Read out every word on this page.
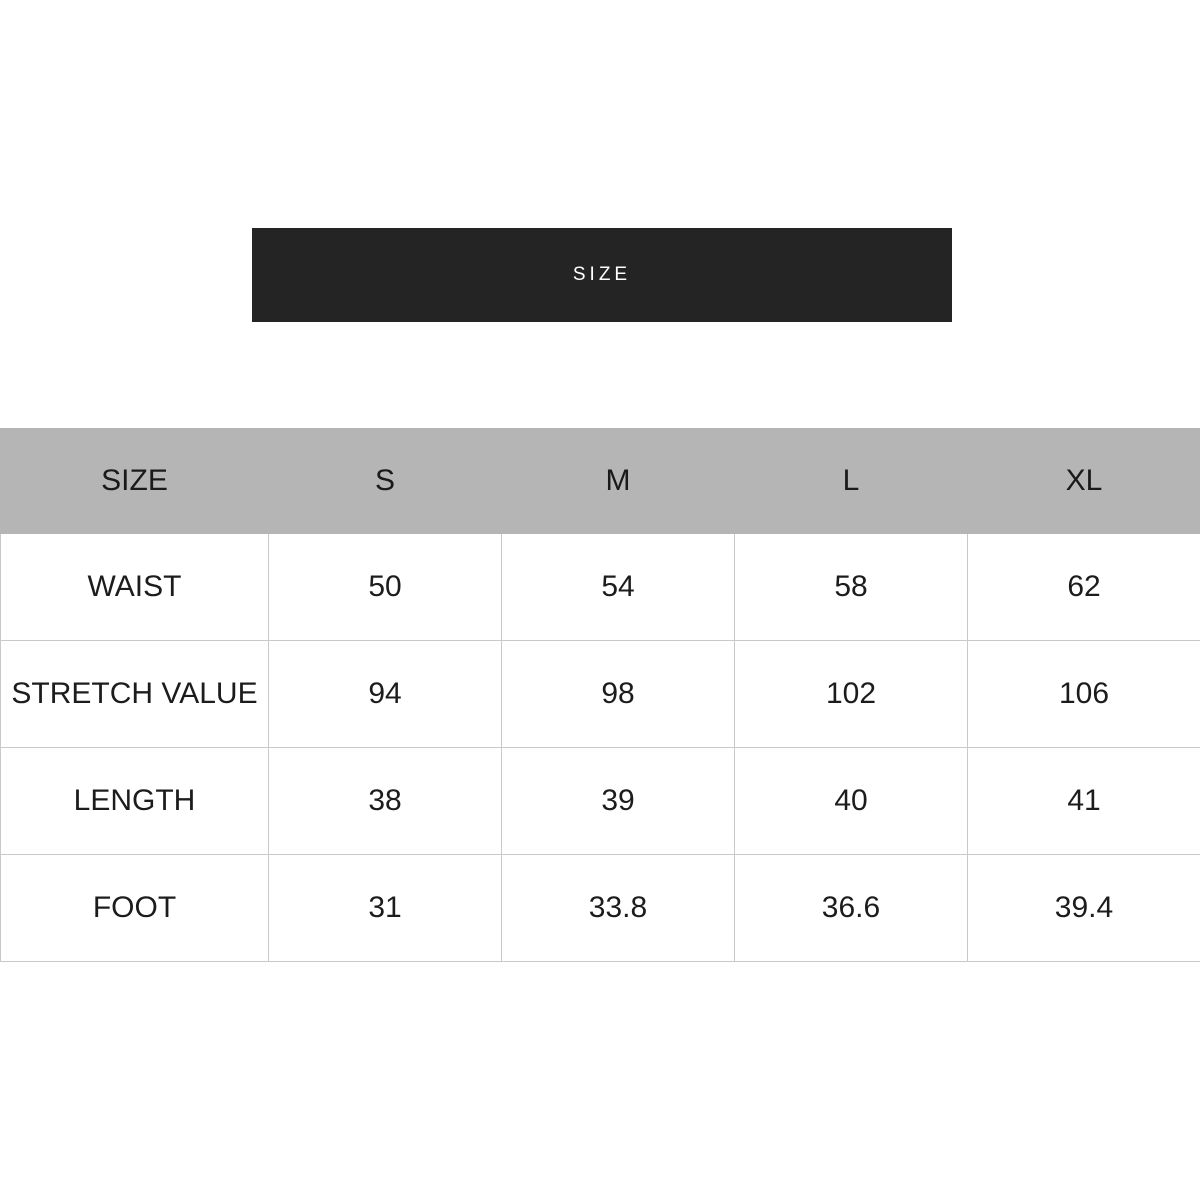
SIZE
SIZE	S	M	L	XL
WAIST	50	54	58	62
STRETCH VALUE	94	98	102	106
LENGTH	38	39	40	41
FOOT	31	33.8	36.6	39.4
